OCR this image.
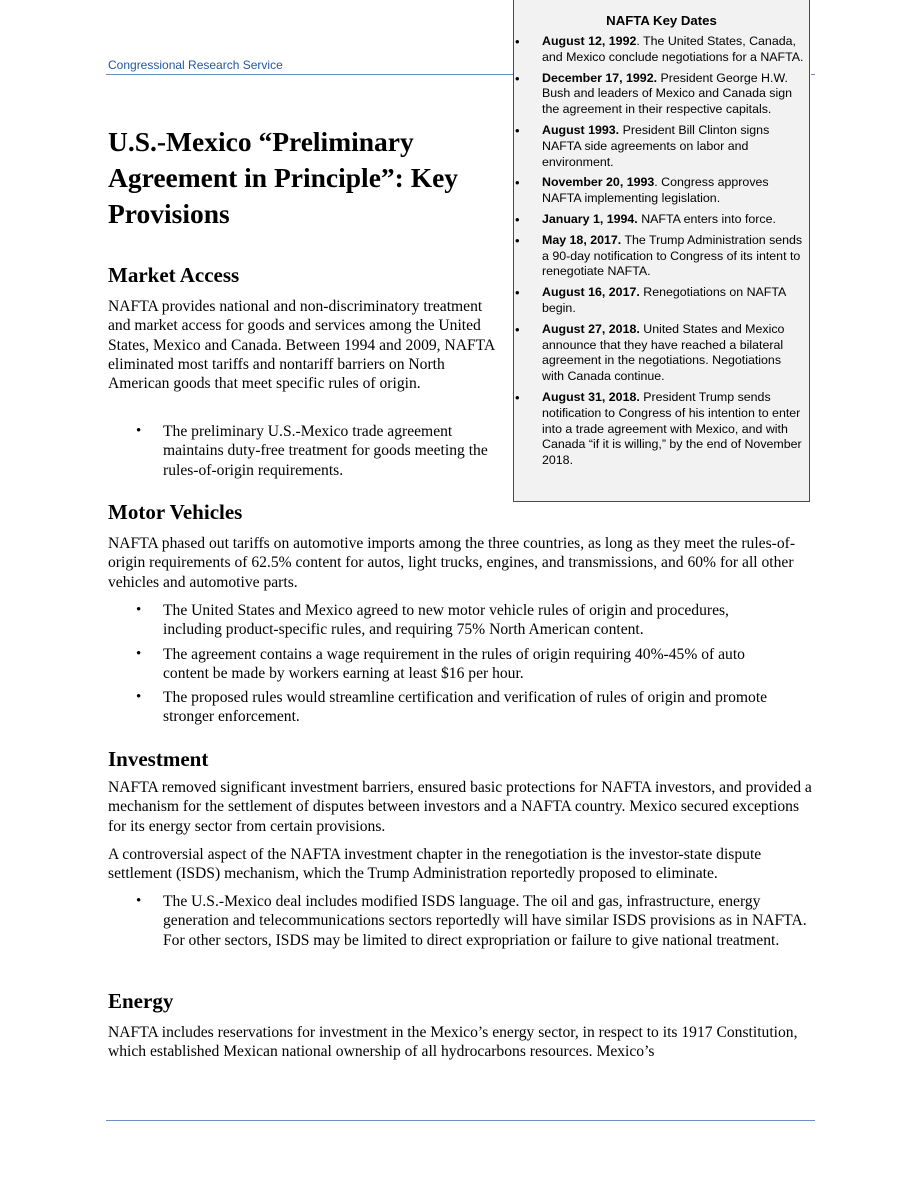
Congressional Research Service
U.S.-Mexico “Preliminary Agreement in Principle”: Key Provisions
NAFTA Key Dates
• August 12, 1992. The United States, Canada, and Mexico conclude negotiations for a NAFTA.
• December 17, 1992. President George H.W. Bush and leaders of Mexico and Canada sign the agreement in their respective capitals.
• August 1993. President Bill Clinton signs NAFTA side agreements on labor and environment.
• November 20, 1993. Congress approves NAFTA implementing legislation.
• January 1, 1994. NAFTA enters into force.
• May 18, 2017. The Trump Administration sends a 90-day notification to Congress of its intent to renegotiate NAFTA.
• August 16, 2017. Renegotiations on NAFTA begin.
• August 27, 2018. United States and Mexico announce that they have reached a bilateral agreement in the negotiations. Negotiations with Canada continue.
• August 31, 2018. President Trump sends notification to Congress of his intention to enter into a trade agreement with Mexico, and with Canada “if it is willing,” by the end of November 2018.
Market Access

NAFTA provides national and non-discriminatory treatment and market access for goods and services among the United States, Mexico and Canada. Between 1994 and 2009, NAFTA eliminated most tariffs and nontariff barriers on North American goods that meet specific rules of origin.

• The preliminary U.S.-Mexico trade agreement maintains duty-free treatment for goods meeting the rules-of-origin requirements.
Motor Vehicles

NAFTA phased out tariffs on automotive imports among the three countries, as long as they meet the rules-of-origin requirements of 62.5% content for autos, light trucks, engines, and transmissions, and 60% for all other vehicles and automotive parts.

• The United States and Mexico agreed to new motor vehicle rules of origin and procedures, including product-specific rules, and requiring 75% North American content.
• The agreement contains a wage requirement in the rules of origin requiring 40%-45% of auto content be made by workers earning at least $16 per hour.
• The proposed rules would streamline certification and verification of rules of origin and promote stronger enforcement.
Investment

NAFTA removed significant investment barriers, ensured basic protections for NAFTA investors, and provided a mechanism for the settlement of disputes between investors and a NAFTA country. Mexico secured exceptions for its energy sector from certain provisions.

A controversial aspect of the NAFTA investment chapter in the renegotiation is the investor-state dispute settlement (ISDS) mechanism, which the Trump Administration reportedly proposed to eliminate.

• The U.S.-Mexico deal includes modified ISDS language. The oil and gas, infrastructure, energy generation and telecommunications sectors reportedly will have similar ISDS provisions as in NAFTA. For other sectors, ISDS may be limited to direct expropriation or failure to give national treatment.
Energy

NAFTA includes reservations for investment in the Mexico’s energy sector, in respect to its 1917 Constitution, which established Mexican national ownership of all hydrocarbons resources. Mexico’s
